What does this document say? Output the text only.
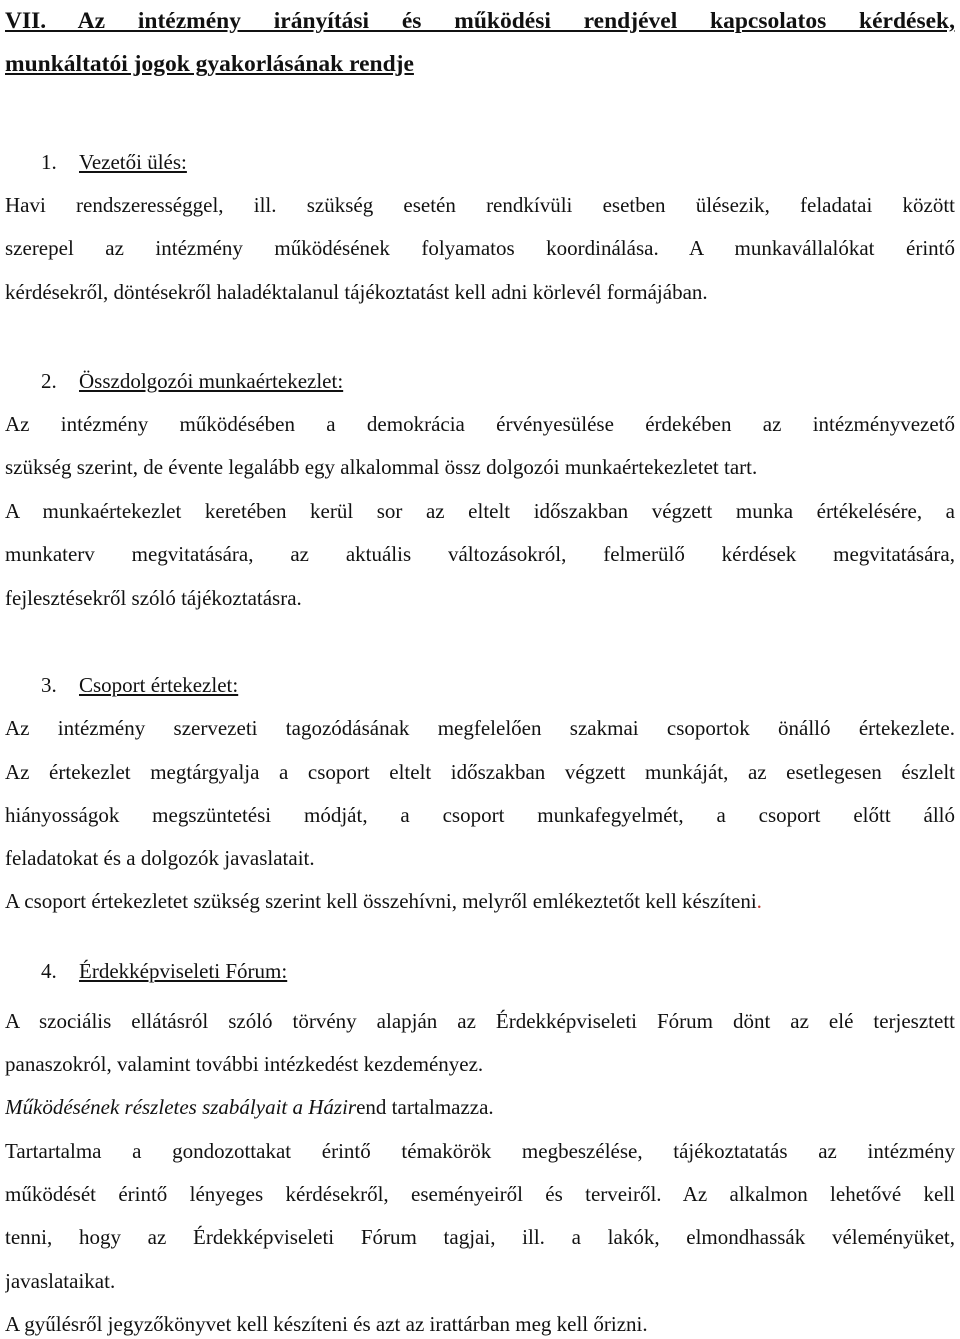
VII. Az intézmény irányítási és működési rendjével kapcsolatos kérdések,
munkáltatói jogok gyakorlásának rendje
1. Vezetői ülés:
Havi rendszerességgel, ill. szükség esetén rendkívüli esetben ülésezik, feladatai között
szerepel az intézmény működésének folyamatos koordinálása. A munkavállalókat érintő
kérdésekről, döntésekről haladéktalanul tájékoztatást kell adni körlevél formájában.
2. Összdolgozói munkaértekezlet:
Az intézmény működésében a demokrácia érvényesülése érdekében az intézményvezető
szükség szerint, de évente legalább egy alkalommal össz dolgozói munkaértekezletet tart.
A munkaértekezlet keretében kerül sor az eltelt időszakban végzett munka értékelésére, a
munkaterv megvitatására, az aktuális változásokról, felmerülő kérdések megvitatására,
fejlesztésekről szóló tájékoztatásra.
3. Csoport értekezlet:
Az intézmény szervezeti tagozódásának megfelelően szakmai csoportok önálló értekezlete.
Az értekezlet megtárgyalja a csoport eltelt időszakban végzett munkáját, az esetlegesen észlelt
hiányosságok megszüntetési módját, a csoport munkafegyelmét, a csoport előtt álló
feladatokat és a dolgozók javaslatait.
A csoport értekezletet szükség szerint kell összehívni, melyről emlékeztetőt kell készíteni.
4. Érdekképviseleti Fórum:
A szociális ellátásról szóló törvény alapján az Érdekképviseleti Fórum dönt az elé terjesztett
panaszokról, valamint további intézkedést kezdeményez.
Működésének részletes szabályait a Házirend tartalmazza.
Tartartalma a gondozottakat érintő témakörök megbeszélése, tájékoztatatás az intézmény
működését érintő lényeges kérdésekről, eseményeiről és terveiről. Az alkalmon lehetővé kell
tenni, hogy az Érdekképviseleti Fórum tagjai, ill. a lakók, elmondhassák véleményüket,
javaslataikat.
A gyűlésről jegyzőkönyvet kell készíteni és azt az irattárban meg kell őrizni.
